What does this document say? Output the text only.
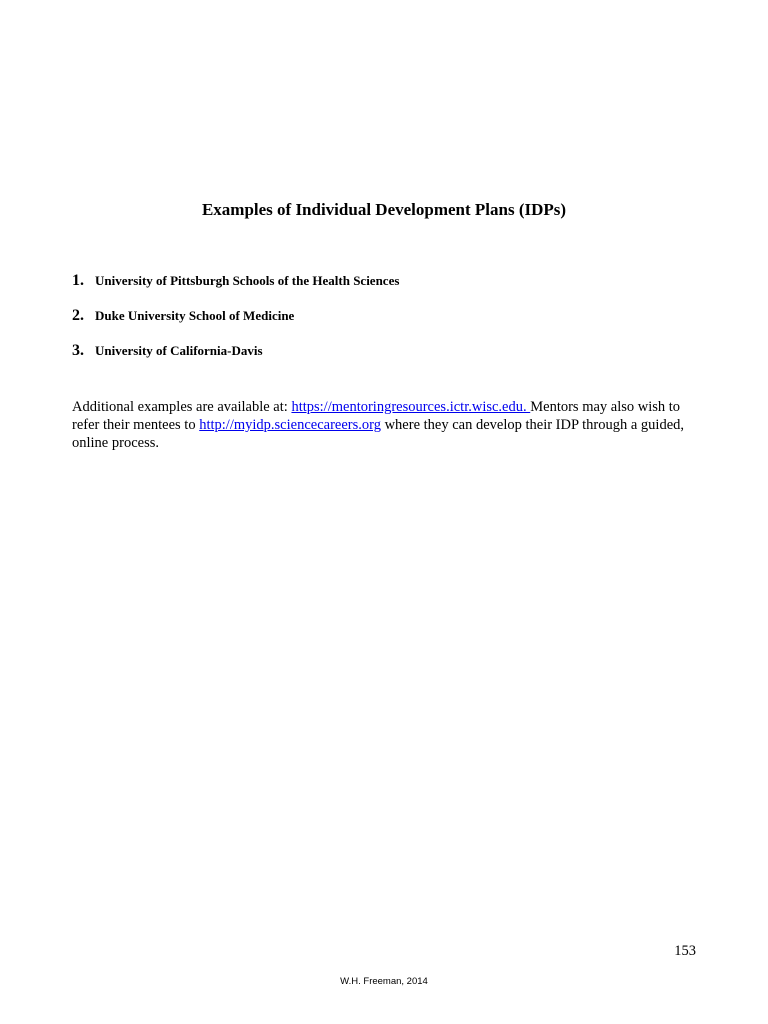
Examples of Individual Development Plans (IDPs)
1. University of Pittsburgh Schools of the Health Sciences
2. Duke University School of Medicine
3. University of California-Davis

Additional examples are available at: https://mentoringresources.ictr.wisc.edu. Mentors may also wish to refer their mentees to http://myidp.sciencecareers.org where they can develop their IDP through a guided, online process.

153
W.H. Freeman, 2014
